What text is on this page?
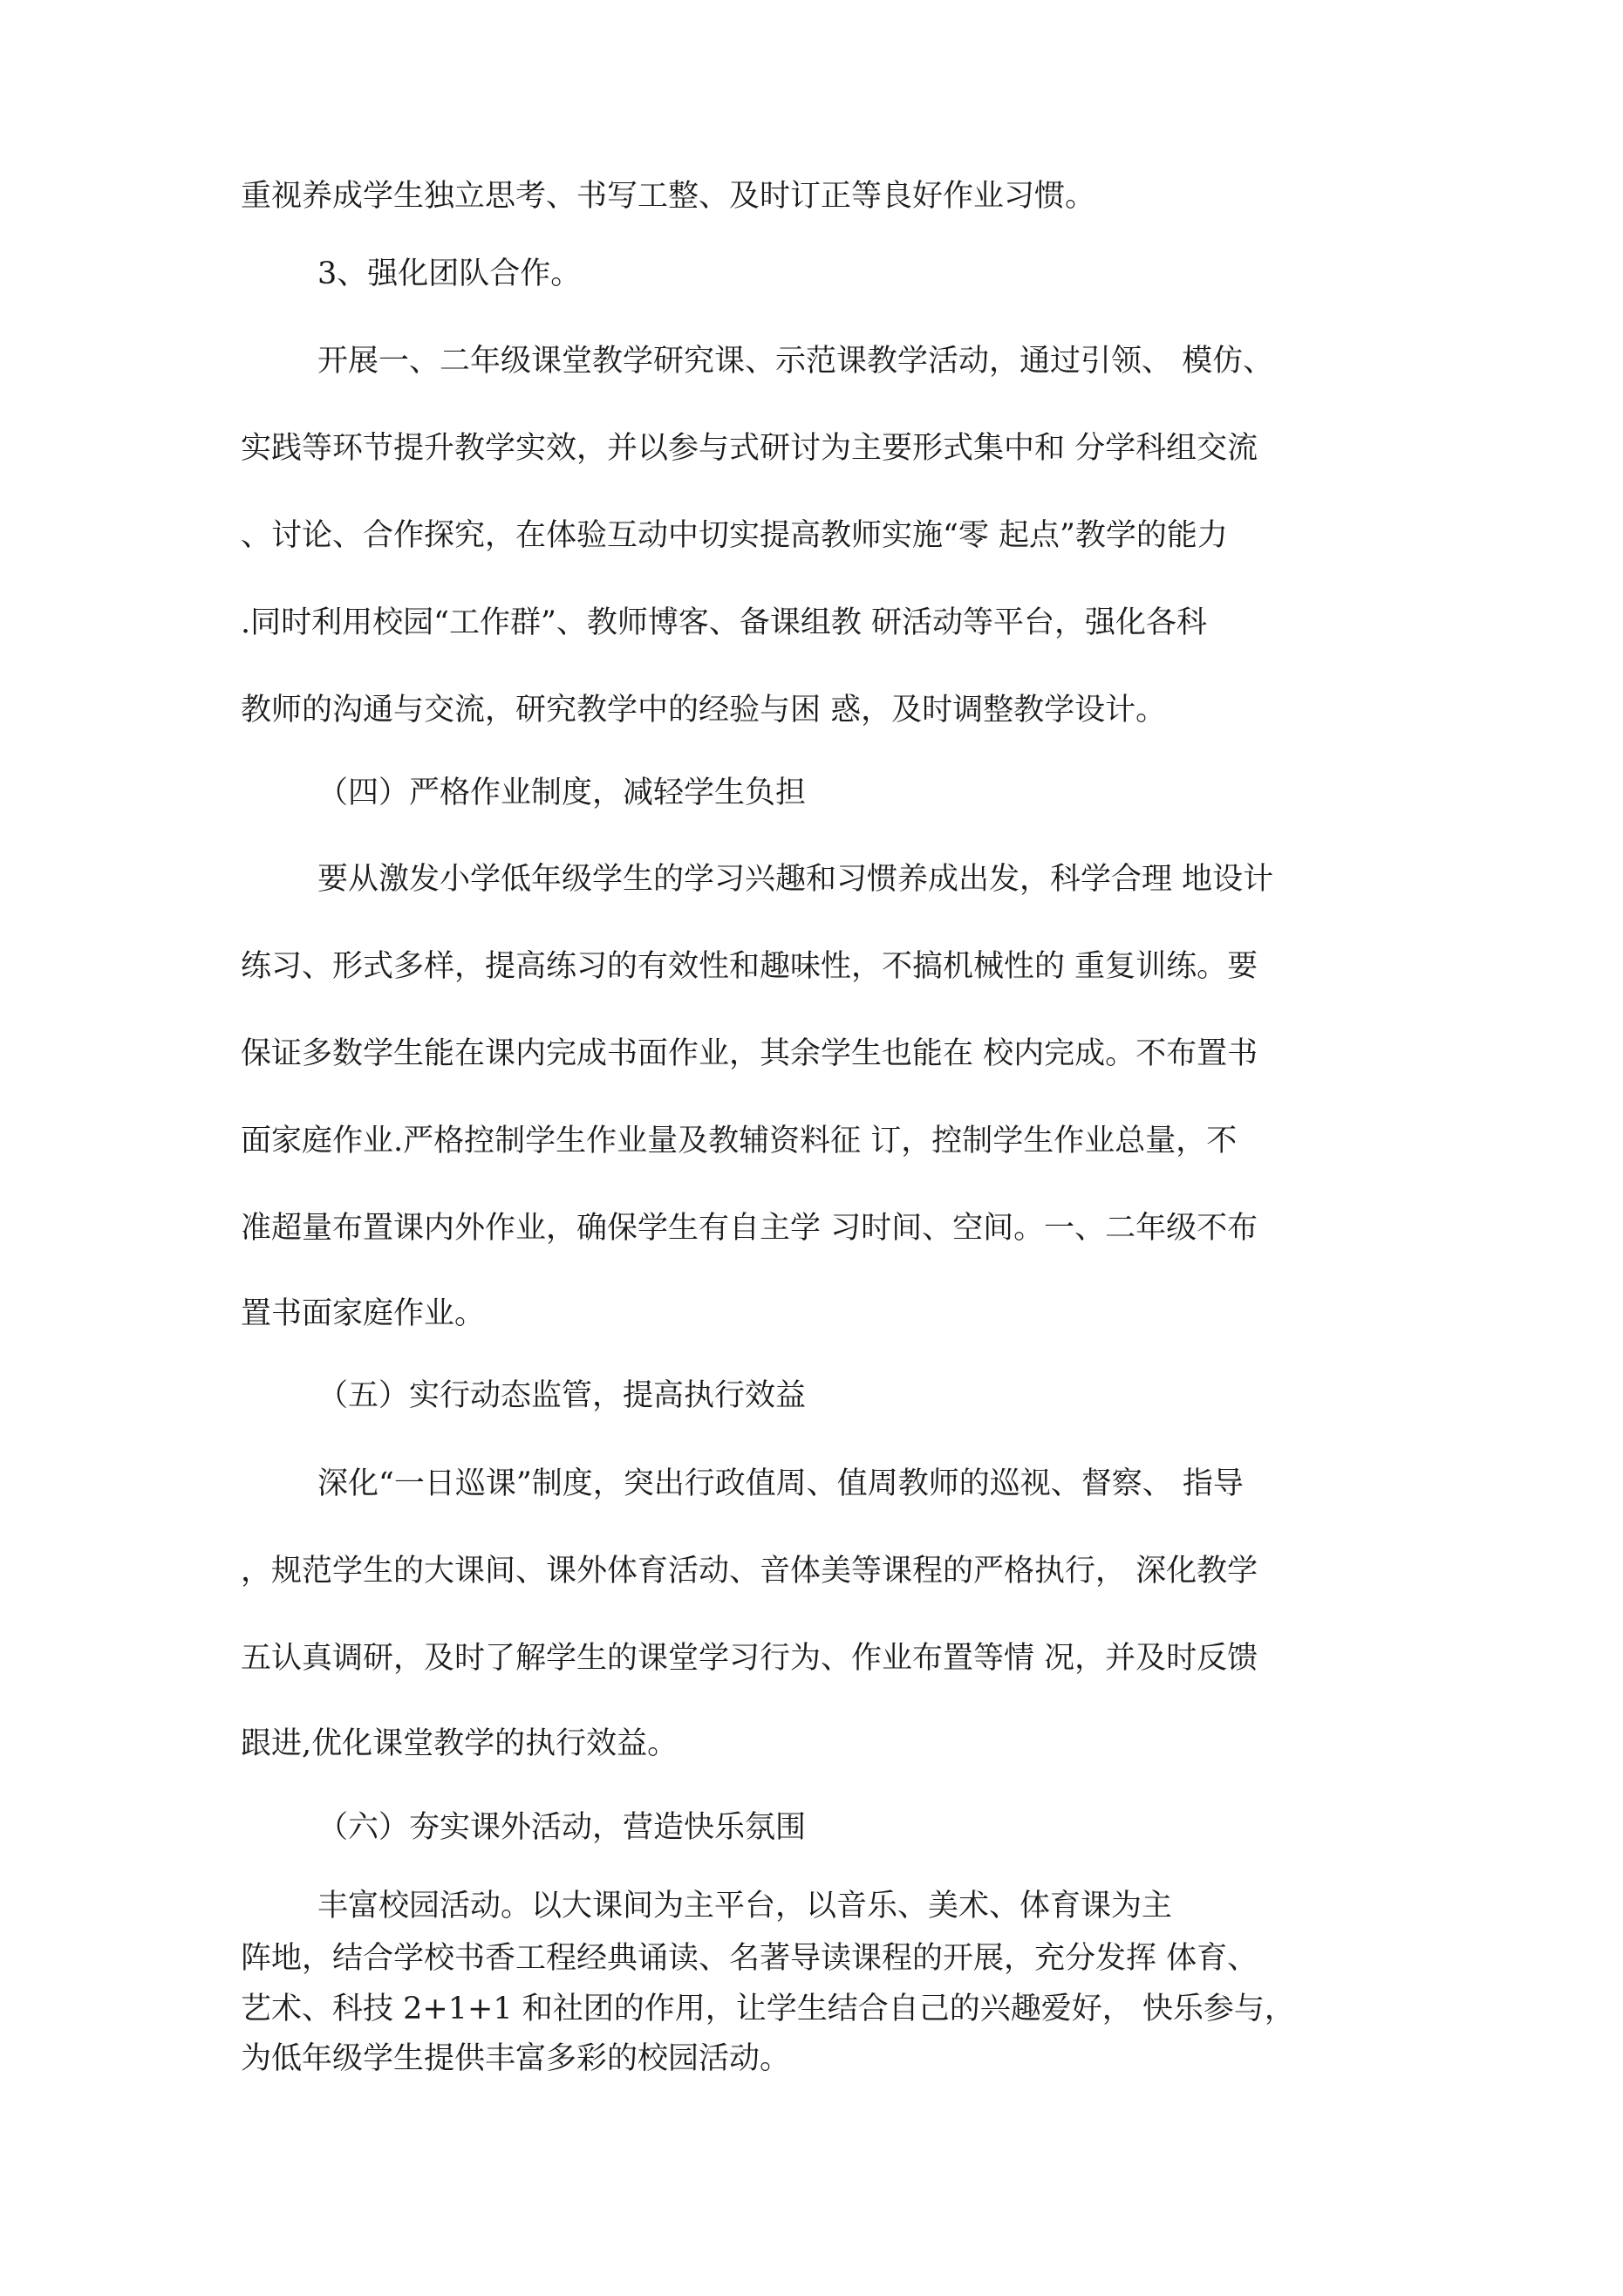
重视养成学生独立思考、书写工整、及时订正等良好作业习惯。
3、强化团队合作。
开展一、二年级课堂教学研究课、示范课教学活动，通过引领、 模仿、
实践等环节提升教学实效，并以参与式研讨为主要形式集中和 分学科组交流
、讨论、合作探究，在体验互动中切实提高教师实施“零 起点”教学的能力
.同时利用校园“工作群”、教师博客、备课组教 研活动等平台，强化各科
教师的沟通与交流，研究教学中的经验与困 惑，及时调整教学设计。
（四）严格作业制度，减轻学生负担
要从激发小学低年级学生的学习兴趣和习惯养成出发，科学合理 地设计
练习、形式多样，提高练习的有效性和趣味性，不搞机械性的 重复训练。要
保证多数学生能在课内完成书面作业，其余学生也能在 校内完成。不布置书
面家庭作业.严格控制学生作业量及教辅资料征 订，控制学生作业总量，不
准超量布置课内外作业，确保学生有自主学 习时间、空间。一、二年级不布
置书面家庭作业。
（五）实行动态监管，提高执行效益
深化“一日巡课”制度，突出行政值周、值周教师的巡视、督察、 指导
，规范学生的大课间、课外体育活动、音体美等课程的严格执行， 深化教学
五认真调研，及时了解学生的课堂学习行为、作业布置等情 况，并及时反馈
跟进,优化课堂教学的执行效益。
（六）夯实课外活动，营造快乐氛围
丰富校园活动。以大课间为主平台，以音乐、美术、体育课为主
阵地，结合学校书香工程经典诵读、名著导读课程的开展，充分发挥 体育、
艺术、科技 2+1+1 和社团的作用，让学生结合自己的兴趣爱好， 快乐参与，
为低年级学生提供丰富多彩的校园活动。
